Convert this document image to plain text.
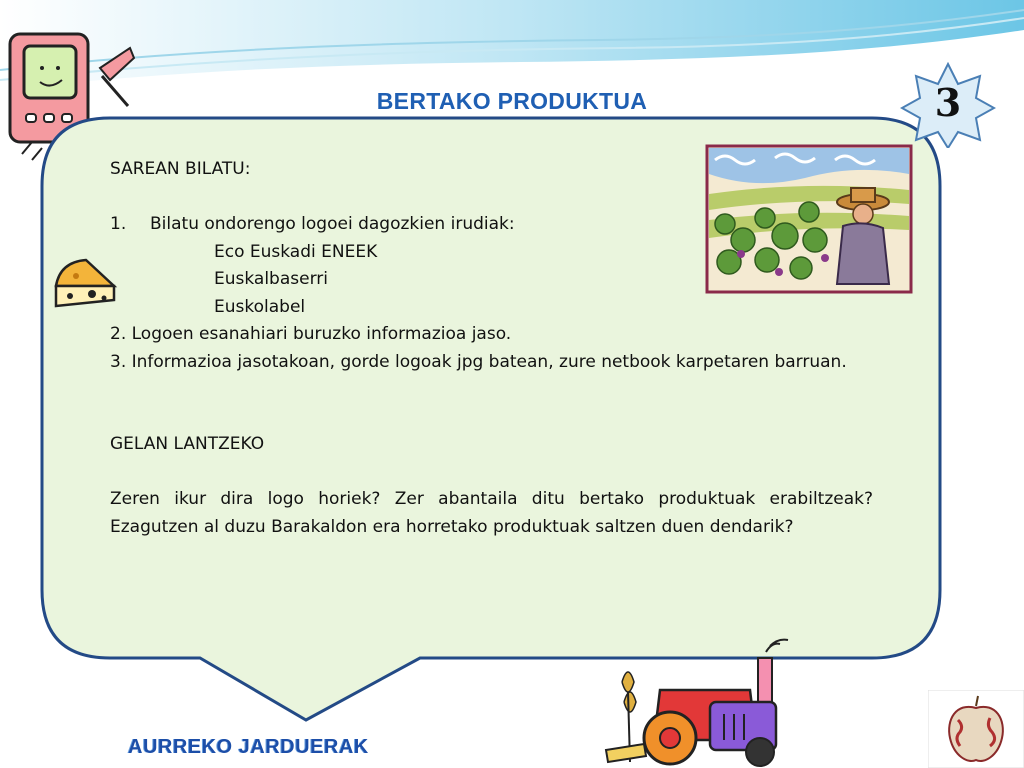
BERTAKO PRODUKTUA	3

SAREAN BILATU:

1.	Bilatu ondorengo logoei dagozkien irudiak:

Eco Euskadi ENEEK

Euskalbaserri

Euskolabel

2. Logoen esanahiari buruzko informazioa jaso.

3. Informazioa jasotakoan, gorde logoak jpg batean, zure netbook karpetaren barruan.

GELAN LANTZEKO

Zeren ikur dira logo horiek? Zer abantaila ditu bertako produktuak erabiltzeak? Ezagutzen al duzu Barakaldon era horretako produktuak saltzen duen dendarik?

AURREKO JARDUERAK
